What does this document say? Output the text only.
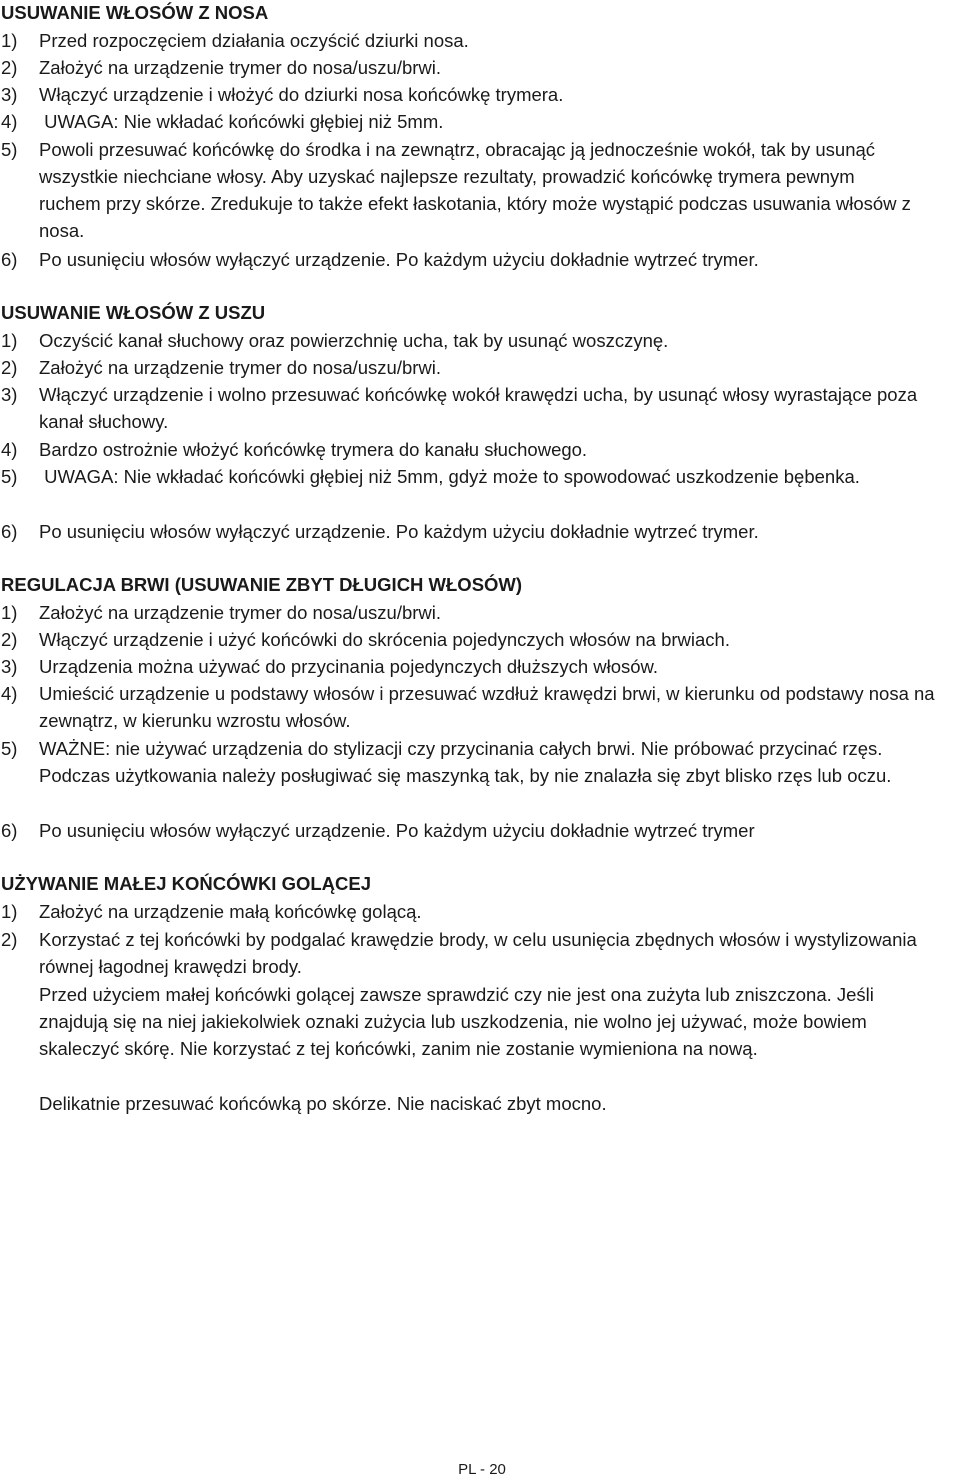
USUWANIE WŁOSÓW Z NOSA
1) Przed rozpoczęciem działania oczyścić dziurki nosa.
2) Założyć na urządzenie trymer do nosa/uszu/brwi.
3) Włączyć urządzenie i włożyć do dziurki nosa końcówkę trymera.
4) UWAGA: Nie wkładać końcówki głębiej niż 5mm.
5) Powoli przesuwać końcówkę do środka i na zewnątrz, obracając ją jednocześnie wokół, tak by usunąć wszystkie niechciane włosy. Aby uzyskać najlepsze rezultaty, prowadzić końcówkę trymera pewnym ruchem przy skórze. Zredukuje to także efekt łaskotania, który może wystąpić podczas usuwania włosów z nosa.
6) Po usunięciu włosów wyłączyć urządzenie. Po każdym użyciu dokładnie wytrzeć trymer.
USUWANIE WŁOSÓW Z USZU
1) Oczyścić kanał słuchowy oraz powierzchnię ucha, tak by usunąć woszczynę.
2) Założyć na urządzenie trymer do nosa/uszu/brwi.
3) Włączyć urządzenie i wolno przesuwać końcówkę wokół krawędzi ucha, by usunąć włosy wyrastające poza kanał słuchowy.
4) Bardzo ostrożnie włożyć końcówkę trymera do kanału słuchowego.
5) UWAGA: Nie wkładać końcówki głębiej niż 5mm, gdyż może to spowodować uszkodzenie bębenka.
6) Po usunięciu włosów wyłączyć urządzenie. Po każdym użyciu dokładnie wytrzeć trymer.
REGULACJA BRWI (USUWANIE ZBYT DŁUGICH WŁOSÓW)
1) Założyć na urządzenie trymer do nosa/uszu/brwi.
2) Włączyć urządzenie i użyć końcówki do skrócenia pojedynczych włosów na brwiach.
3) Urządzenia można używać do przycinania pojedynczych dłuższych włosów.
4) Umieścić urządzenie u podstawy włosów i przesuwać wzdłuż krawędzi brwi, w kierunku od podstawy nosa na zewnątrz, w kierunku wzrostu włosów.
5) WAŻNE: nie używać urządzenia do stylizacji czy przycinania całych brwi. Nie próbować przycinać rzęs. Podczas użytkowania należy posługiwać się maszynką tak, by nie znalazła się zbyt blisko rzęs lub oczu.
6) Po usunięciu włosów wyłączyć urządzenie. Po każdym użyciu dokładnie wytrzeć trymer
UŻYWANIE MAŁEJ KOŃCÓWKI GOLĄCEJ
1) Założyć na urządzenie małą końcówkę golącą.
2) Korzystać z tej końcówki by podgalać krawędzie brody, w celu usunięcia zbędnych włosów i wystylizowania równej łagodnej krawędzi brody.
Przed użyciem małej końcówki golącej zawsze sprawdzić czy nie jest ona zużyta lub zniszczona. Jeśli znajdują się na niej jakiekolwiek oznaki zużycia lub uszkodzenia, nie wolno jej używać, może bowiem skaleczyć skórę. Nie korzystać z tej końcówki, zanim nie zostanie wymieniona na nową.
Delikatnie przesuwać końcówką po skórze. Nie naciskać zbyt mocno.
PL - 20
